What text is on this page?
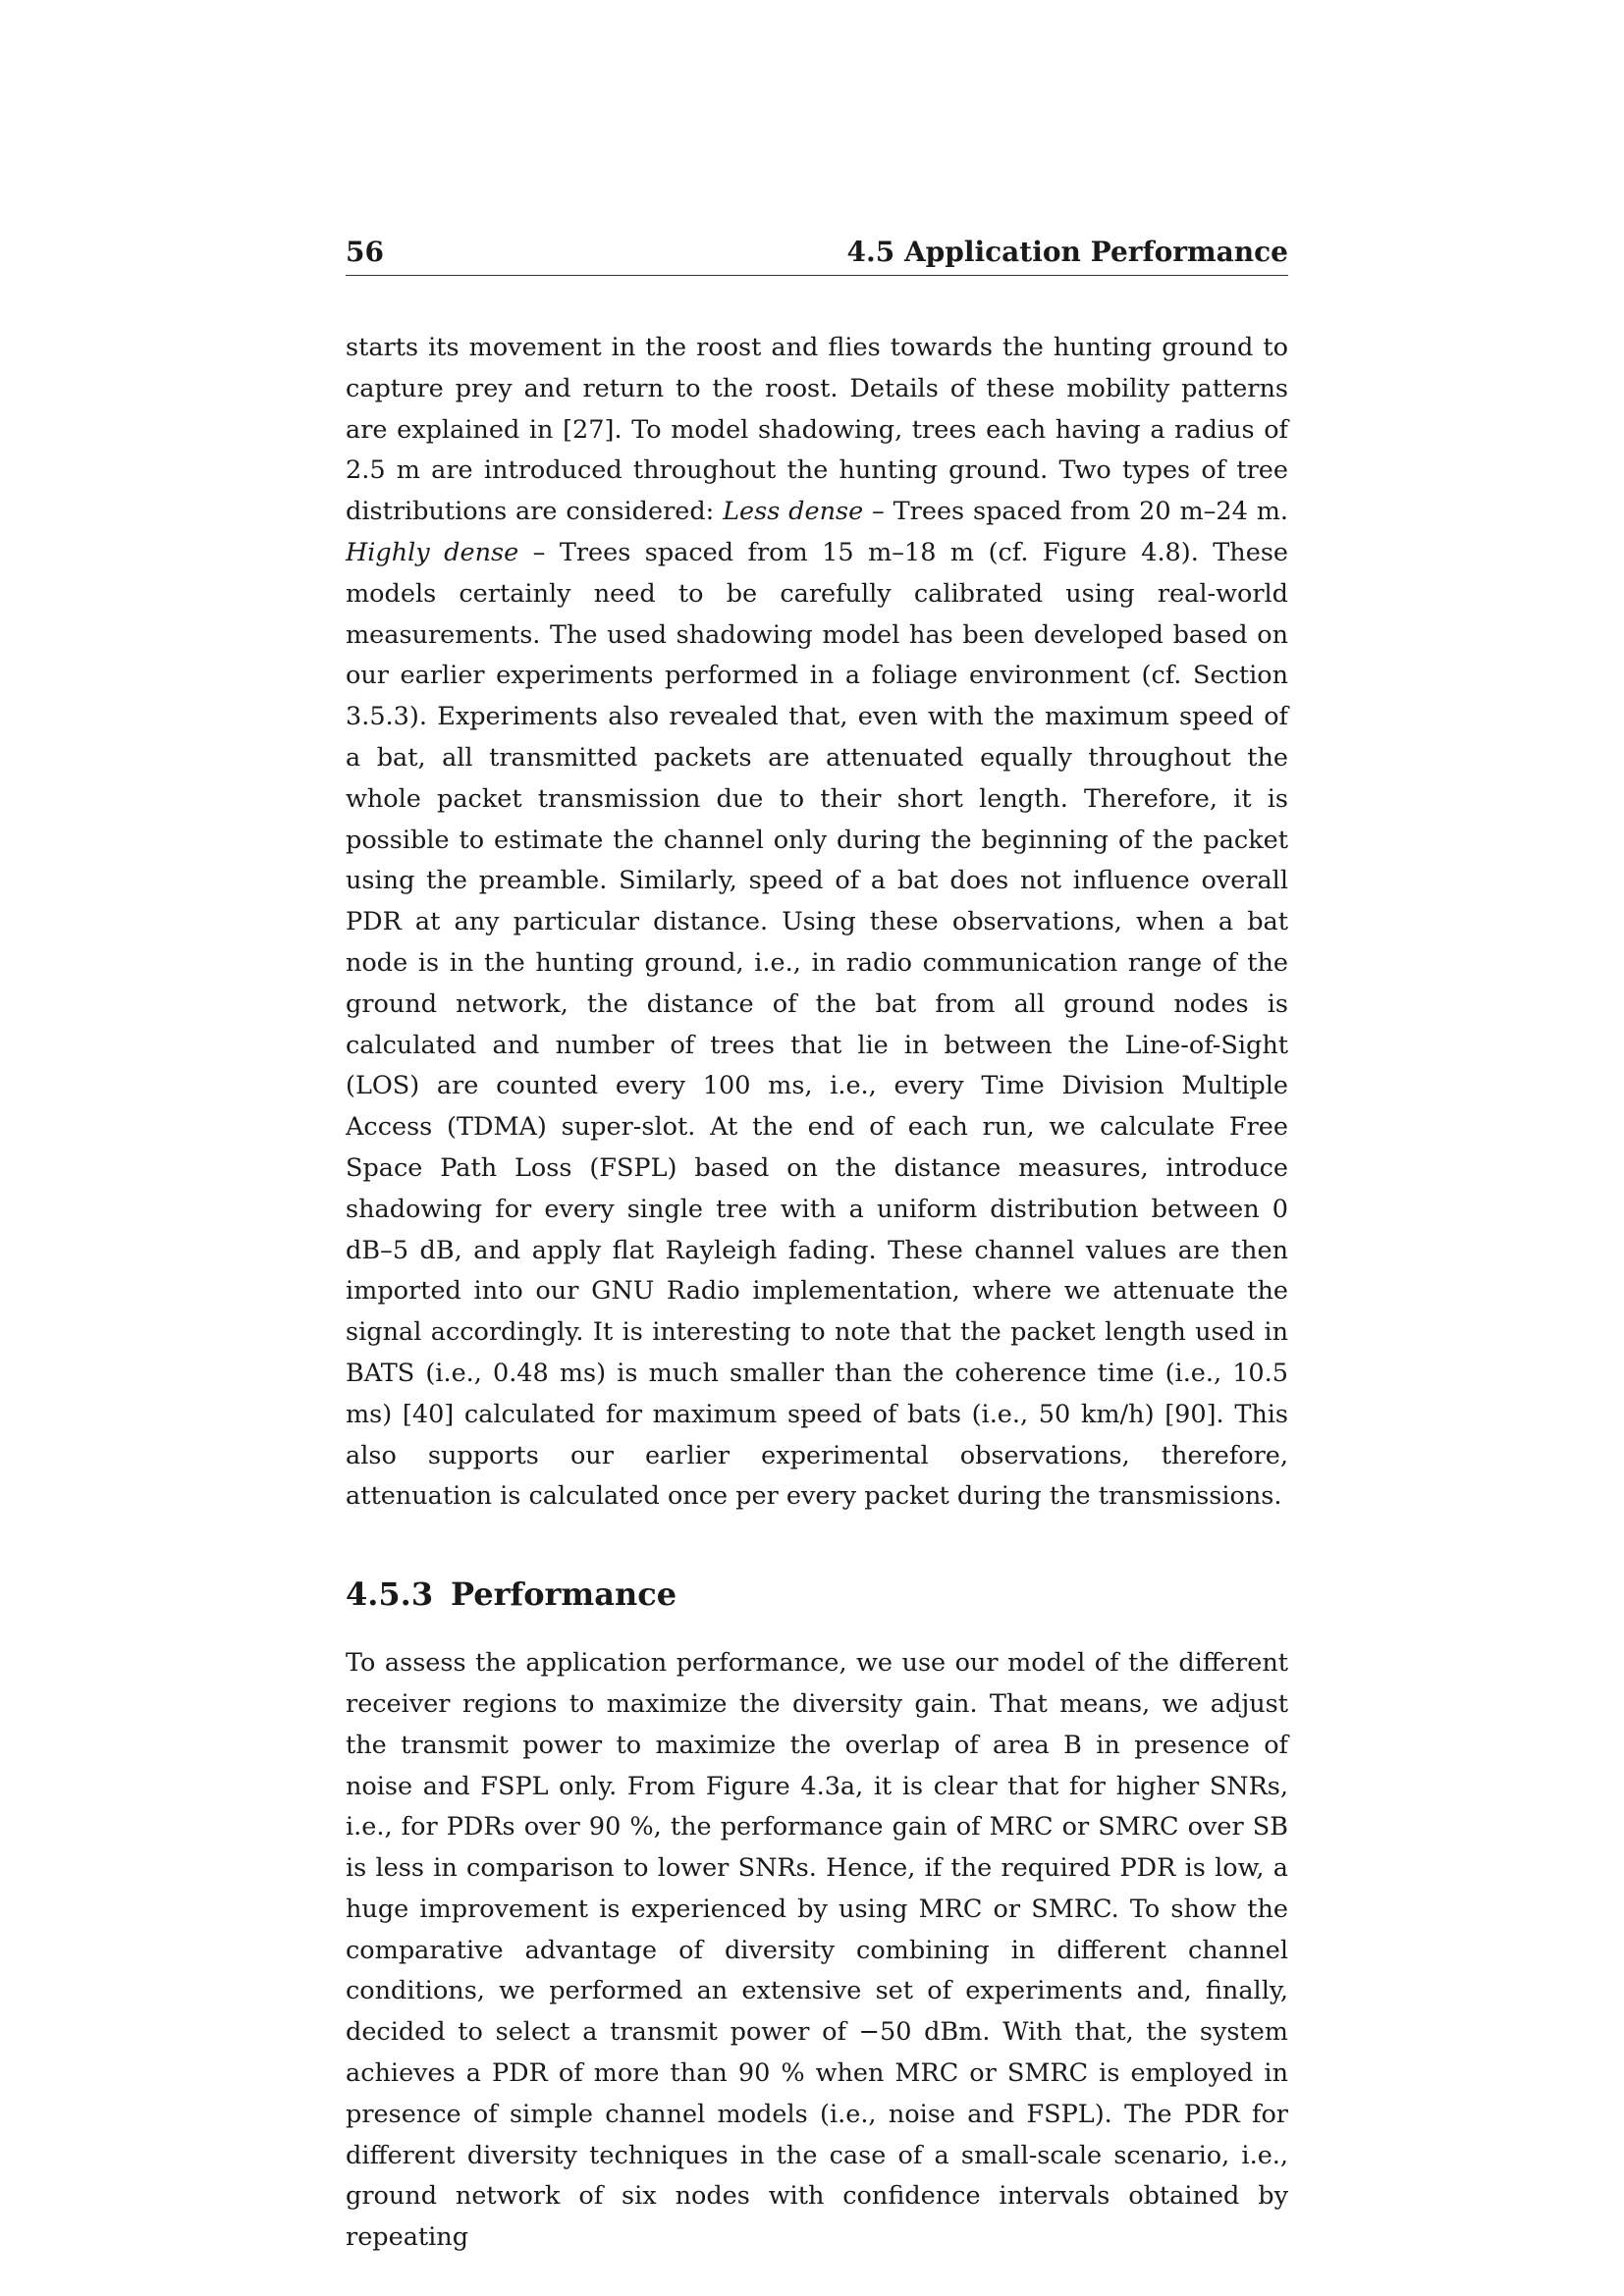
56	4.5 Application Performance

starts its movement in the roost and flies towards the hunting ground to capture prey and return to the roost. Details of these mobility patterns are explained in [27]. To model shadowing, trees each having a radius of 2.5 m are introduced throughout the hunting ground. Two types of tree distributions are considered: Less dense – Trees spaced from 20 m–24 m. Highly dense – Trees spaced from 15 m–18 m (cf. Figure 4.8). These models certainly need to be carefully calibrated using real-world measurements. The used shadowing model has been developed based on our earlier experiments performed in a foliage environment (cf. Section 3.5.3). Experiments also revealed that, even with the maximum speed of a bat, all transmitted packets are attenuated equally throughout the whole packet transmission due to their short length. Therefore, it is possible to estimate the channel only during the beginning of the packet using the preamble. Similarly, speed of a bat does not influence overall PDR at any particular distance. Using these observations, when a bat node is in the hunting ground, i.e., in radio communication range of the ground network, the distance of the bat from all ground nodes is calculated and number of trees that lie in between the Line-of-Sight (LOS) are counted every 100 ms, i.e., every Time Division Multiple Access (TDMA) super-slot. At the end of each run, we calculate Free Space Path Loss (FSPL) based on the distance measures, introduce shadowing for every single tree with a uniform distribution between 0 dB–5 dB, and apply flat Rayleigh fading. These channel values are then imported into our GNU Radio implementation, where we attenuate the signal accordingly. It is interesting to note that the packet length used in BATS (i.e., 0.48 ms) is much smaller than the coherence time (i.e., 10.5 ms) [40] calculated for maximum speed of bats (i.e., 50 km/h) [90]. This also supports our earlier experimental observations, therefore, attenuation is calculated once per every packet during the transmissions.

4.5.3 Performance

To assess the application performance, we use our model of the different receiver regions to maximize the diversity gain. That means, we adjust the transmit power to maximize the overlap of area B in presence of noise and FSPL only. From Figure 4.3a, it is clear that for higher SNRs, i.e., for PDRs over 90 %, the performance gain of MRC or SMRC over SB is less in comparison to lower SNRs. Hence, if the required PDR is low, a huge improvement is experienced by using MRC or SMRC. To show the comparative advantage of diversity combining in different channel conditions, we performed an extensive set of experiments and, finally, decided to select a transmit power of −50 dBm. With that, the system achieves a PDR of more than 90 % when MRC or SMRC is employed in presence of simple channel models (i.e., noise and FSPL). The PDR for different diversity techniques in the case of a small-scale scenario, i.e., ground network of six nodes with confidence intervals obtained by repeating
